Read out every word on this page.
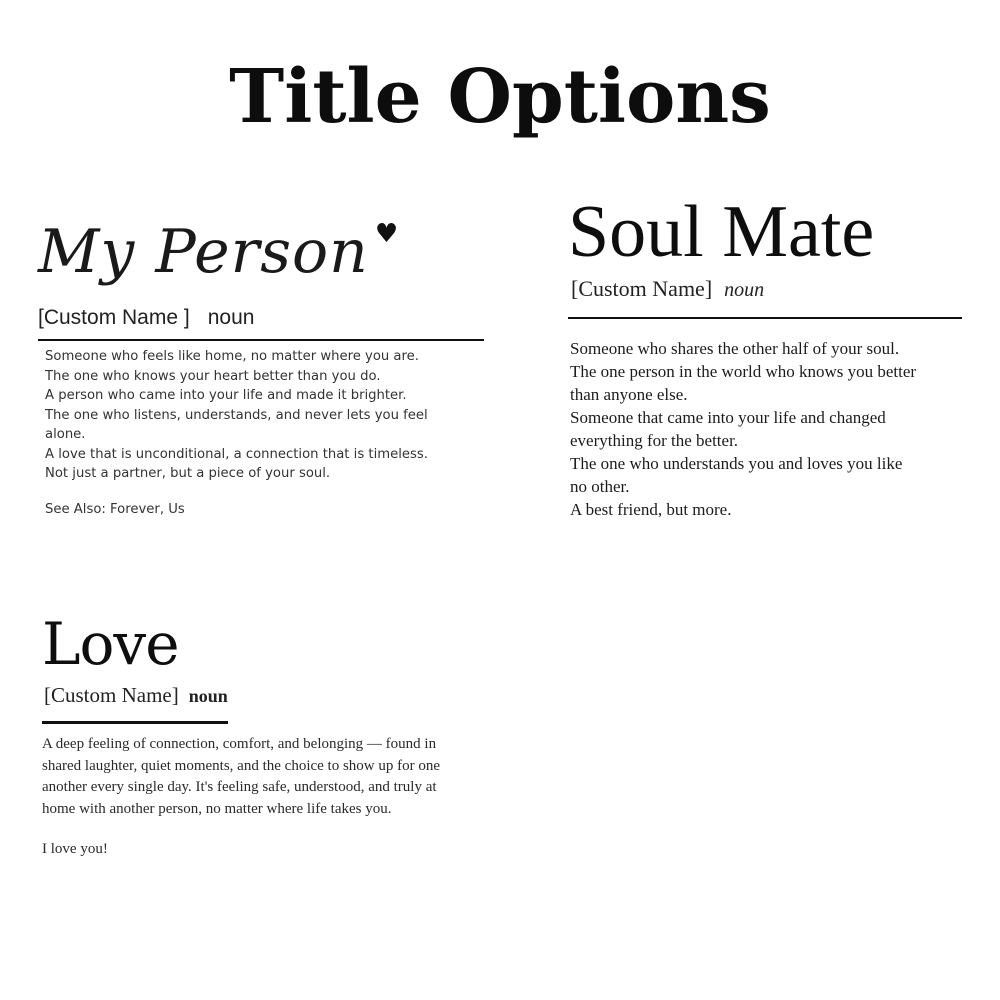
Title Options
My Person ♥
[Custom Name ] noun
Someone who feels like home, no matter where you are.
The one who knows your heart better than you do.
A person who came into your life and made it brighter.
The one who listens, understands, and never lets you feel
alone.
A love that is unconditional, a connection that is timeless.
Not just a partner, but a piece of your soul.
See Also: Forever, Us
Soul Mate
[Custom Name] noun
Someone who shares the other half of your soul.
The one person in the world who knows you better
than anyone else.
Someone that came into your life and changed
everything for the better.
The one who understands you and loves you like
no other.
A best friend, but more.
Love
[Custom Name] noun
A deep feeling of connection, comfort, and belonging — found in
shared laughter, quiet moments, and the choice to show up for one
another every single day. It's feeling safe, understood, and truly at
home with another person, no matter where life takes you.
I love you!
